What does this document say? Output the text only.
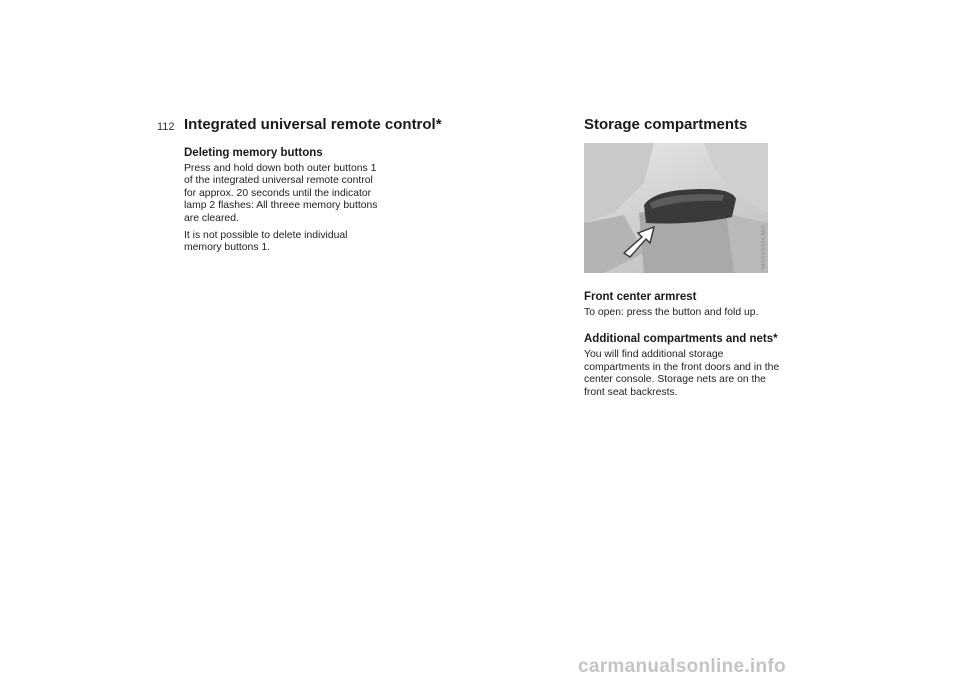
112 Integrated universal remote control*
Deleting memory buttons

Press and hold down both outer buttons 1 of the integrated universal remote control for approx. 20 seconds until the indicator lamp 2 flashes: All threee memory buttons are cleared.

It is not possible to delete individual memory buttons 1.

Storage compartments
MX01904CMA
Front center armrest

To open: press the button and fold up.

Additional compartments and nets*

You will find additional storage compartments in the front doors and in the center console. Storage nets are on the front seat backrests.

carmanualsonline.info
